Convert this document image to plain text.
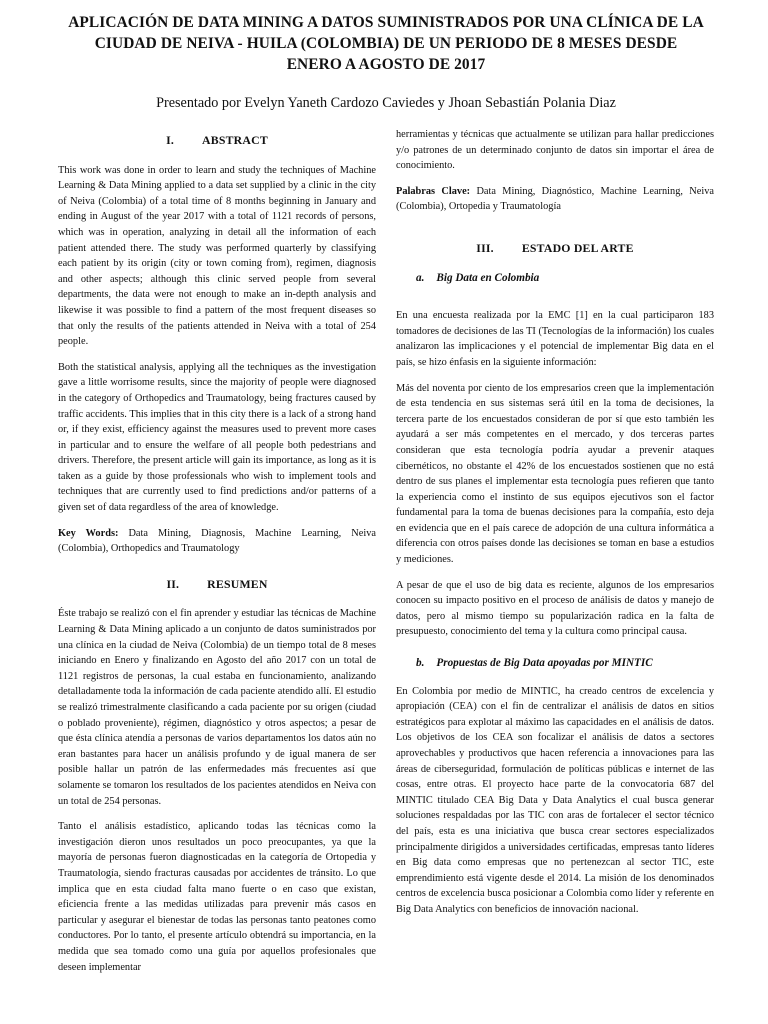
APLICACIÓN DE DATA MINING A DATOS SUMINISTRADOS POR UNA CLÍNICA DE LA CIUDAD DE NEIVA - HUILA (COLOMBIA) DE UN PERIODO DE 8 MESES DESDE ENERO A AGOSTO DE 2017
Presentado por Evelyn Yaneth Cardozo Caviedes y Jhoan Sebastián Polania Diaz
I. ABSTRACT

This work was done in order to learn and study the techniques of Machine Learning & Data Mining applied to a data set supplied by a clinic in the city of Neiva (Colombia) of a total time of 8 months beginning in January and ending in August of the year 2017 with a total of 1121 records of persons, which was in operation, analyzing in detail all the information of each patient attended there. The study was performed quarterly by classifying each patient by its origin (city or town coming from), regimen, diagnosis and other aspects; although this clinic served people from several departments, the data were not enough to make an in-depth analysis and likewise it was possible to find a pattern of the most frequent diseases so that only the results of the patients attended in Neiva with a total of 254 people.

Both the statistical analysis, applying all the techniques as the investigation gave a little worrisome results, since the majority of people were diagnosed in the category of Orthopedics and Traumatology, being fractures caused by traffic accidents. This implies that in this city there is a lack of a strong hand or, if they exist, efficiency against the measures used to prevent more cases in particular and to ensure the welfare of all people both pedestrians and drivers. Therefore, the present article will gain its importance, as long as it is taken as a guide by those professionals who wish to implement tools and techniques that are currently used to find predictions and/or patterns of a given set of data regardless of the area of knowledge.

Key Words: Data Mining, Diagnosis, Machine Learning, Neiva (Colombia), Orthopedics and Traumatology

II. RESUMEN

Éste trabajo se realizó con el fin aprender y estudiar las técnicas de Machine Learning & Data Mining aplicado a un conjunto de datos suministrados por una clínica en la ciudad de Neiva (Colombia) de un tiempo total de 8 meses iniciando en Enero y finalizando en Agosto del año 2017 con un total de 1121 registros de personas, la cual estaba en funcionamiento, analizando detalladamente toda la información de cada paciente atendido allí. El estudio se realizó trimestralmente clasificando a cada paciente por su origen (ciudad o poblado proveniente), régimen, diagnóstico y otros aspectos; a pesar de que ésta clínica atendía a personas de varios departamentos los datos aún no eran bastantes para hacer un análisis profundo y de igual manera de ser posible hallar un patrón de las enfermedades más frecuentes así que solamente se tomaron los resultados de los pacientes atendidos en Neiva con un total de 254 personas.

Tanto el análisis estadístico, aplicando todas las técnicas como la investigación dieron unos resultados un poco preocupantes, ya que la mayoría de personas fueron diagnosticadas en la categoría de Ortopedia y Traumatología, siendo fracturas causadas por accidentes de tránsito. Lo que implica que en esta ciudad falta mano fuerte o en caso que existan, eficiencia frente a las medidas utilizadas para prevenir más casos en particular y asegurar el bienestar de todas las personas tanto peatones como conductores. Por lo tanto, el presente artículo obtendrá su importancia, en la medida que sea tomado como una guía por aquellos profesionales que deseen implementar

herramientas y técnicas que actualmente se utilizan para hallar predicciones y/o patrones de un determinado conjunto de datos sin importar el área de conocimiento.

Palabras Clave: Data Mining, Diagnóstico, Machine Learning, Neiva (Colombia), Ortopedia y Traumatología

III. ESTADO DEL ARTE
a. Big Data en Colombia

En una encuesta realizada por la EMC [1] en la cual participaron 183 tomadores de decisiones de las TI (Tecnologías de la información) los cuales analizaron las implicaciones y el potencial de implementar Big data en el país, se hizo énfasis en la siguiente información:

Más del noventa por ciento de los empresarios creen que la implementación de esta tendencia en sus sistemas será útil en la toma de decisiones, la tercera parte de los encuestados consideran de por sí que esto también les ayudará a ser más competentes en el mercado, y dos terceras partes consideran que esta tecnología podría ayudar a prevenir ataques cibernéticos, no obstante el 42% de los encuestados sostienen que no está dentro de sus planes el implementar esta tecnología pues refieren que tanto la experiencia como el instinto de sus equipos ejecutivos son el factor fundamental para la toma de buenas decisiones para la compañía, esto deja en evidencia que en el país carece de adopción de una cultura informática a diferencia con otros países donde las decisiones se toman en base a estudios y mediciones.

A pesar de que el uso de big data es reciente, algunos de los empresarios conocen su impacto positivo en el proceso de análisis de datos y manejo de datos, pero al mismo tiempo su popularización radica en la falta de presupuesto, conocimiento del tema y la cultura como principal causa.

b. Propuestas de Big Data apoyadas por MINTIC

En Colombia por medio de MINTIC, ha creado centros de excelencia y apropiación (CEA) con el fin de centralizar el análisis de datos en sitios estratégicos para explotar al máximo las capacidades en el análisis de datos. Los objetivos de los CEA son focalizar el análisis de datos a sectores aprovechables y productivos que hacen referencia a innovaciones para las áreas de ciberseguridad, formulación de políticas públicas e internet de las cosas, entre otras. El proyecto hace parte de la convocatoria 687 del MINTIC titulado CEA Big Data y Data Analytics el cual busca generar soluciones respaldadas por las TIC con aras de fortalecer el sector técnico del país, esta es una iniciativa que busca crear sectores especializados principalmente dirigidos a universidades certificadas, empresas tanto líderes en Big data como empresas que no pertenezcan al sector TIC, este emprendimiento está vigente desde el 2014. La misión de los denominados centros de excelencia busca posicionar a Colombia como líder y referente en Big Data Analytics con beneficios de innovación nacional.
